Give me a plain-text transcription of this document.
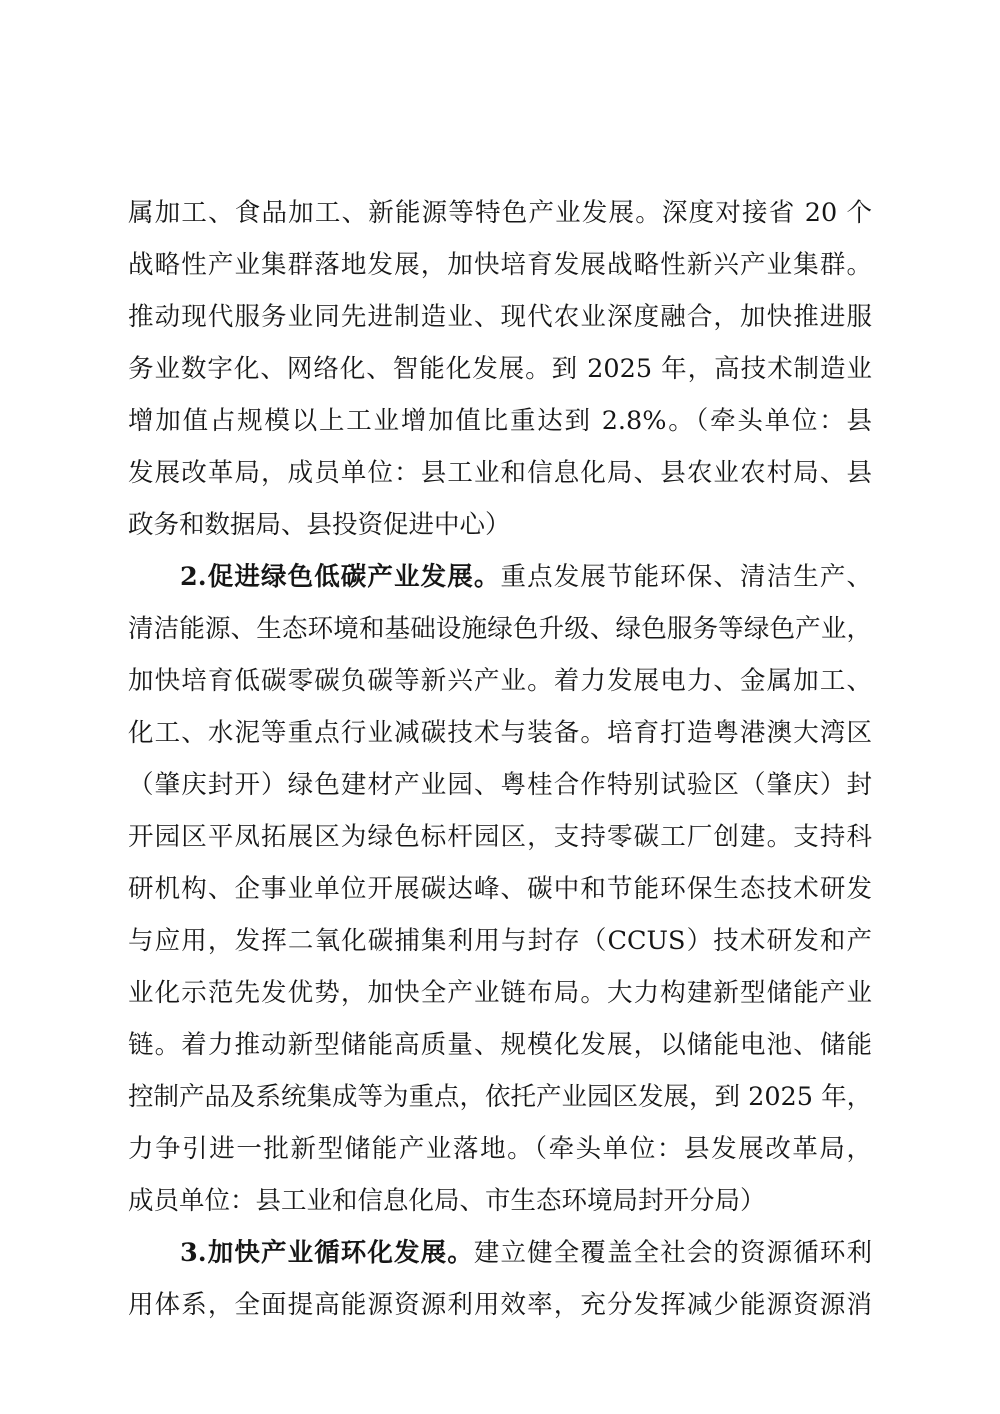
属加工、食品加工、新能源等特色产业发展。深度对接省 20 个
战略性产业集群落地发展，加快培育发展战略性新兴产业集群。
推动现代服务业同先进制造业、现代农业深度融合，加快推进服
务业数字化、网络化、智能化发展。到 2025 年，高技术制造业
增加值占规模以上工业增加值比重达到 2.8%。（牵头单位：县
发展改革局，成员单位：县工业和信息化局、县农业农村局、县
政务和数据局、县投资促进中心）
2.促进绿色低碳产业发展。重点发展节能环保、清洁生产、
清洁能源、生态环境和基础设施绿色升级、绿色服务等绿色产业，
加快培育低碳零碳负碳等新兴产业。着力发展电力、金属加工、
化工、水泥等重点行业减碳技术与装备。培育打造粤港澳大湾区
（肇庆封开）绿色建材产业园、粤桂合作特别试验区（肇庆）封
开园区平凤拓展区为绿色标杆园区，支持零碳工厂创建。支持科
研机构、企事业单位开展碳达峰、碳中和节能环保生态技术研发
与应用，发挥二氧化碳捕集利用与封存（CCUS）技术研发和产
业化示范先发优势，加快全产业链布局。大力构建新型储能产业
链。着力推动新型储能高质量、规模化发展，以储能电池、储能
控制产品及系统集成等为重点，依托产业园区发展，到 2025 年，
力争引进一批新型储能产业落地。（牵头单位：县发展改革局，
成员单位：县工业和信息化局、市生态环境局封开分局）
3.加快产业循环化发展。建立健全覆盖全社会的资源循环利
用体系，全面提高能源资源利用效率，充分发挥减少能源资源消
